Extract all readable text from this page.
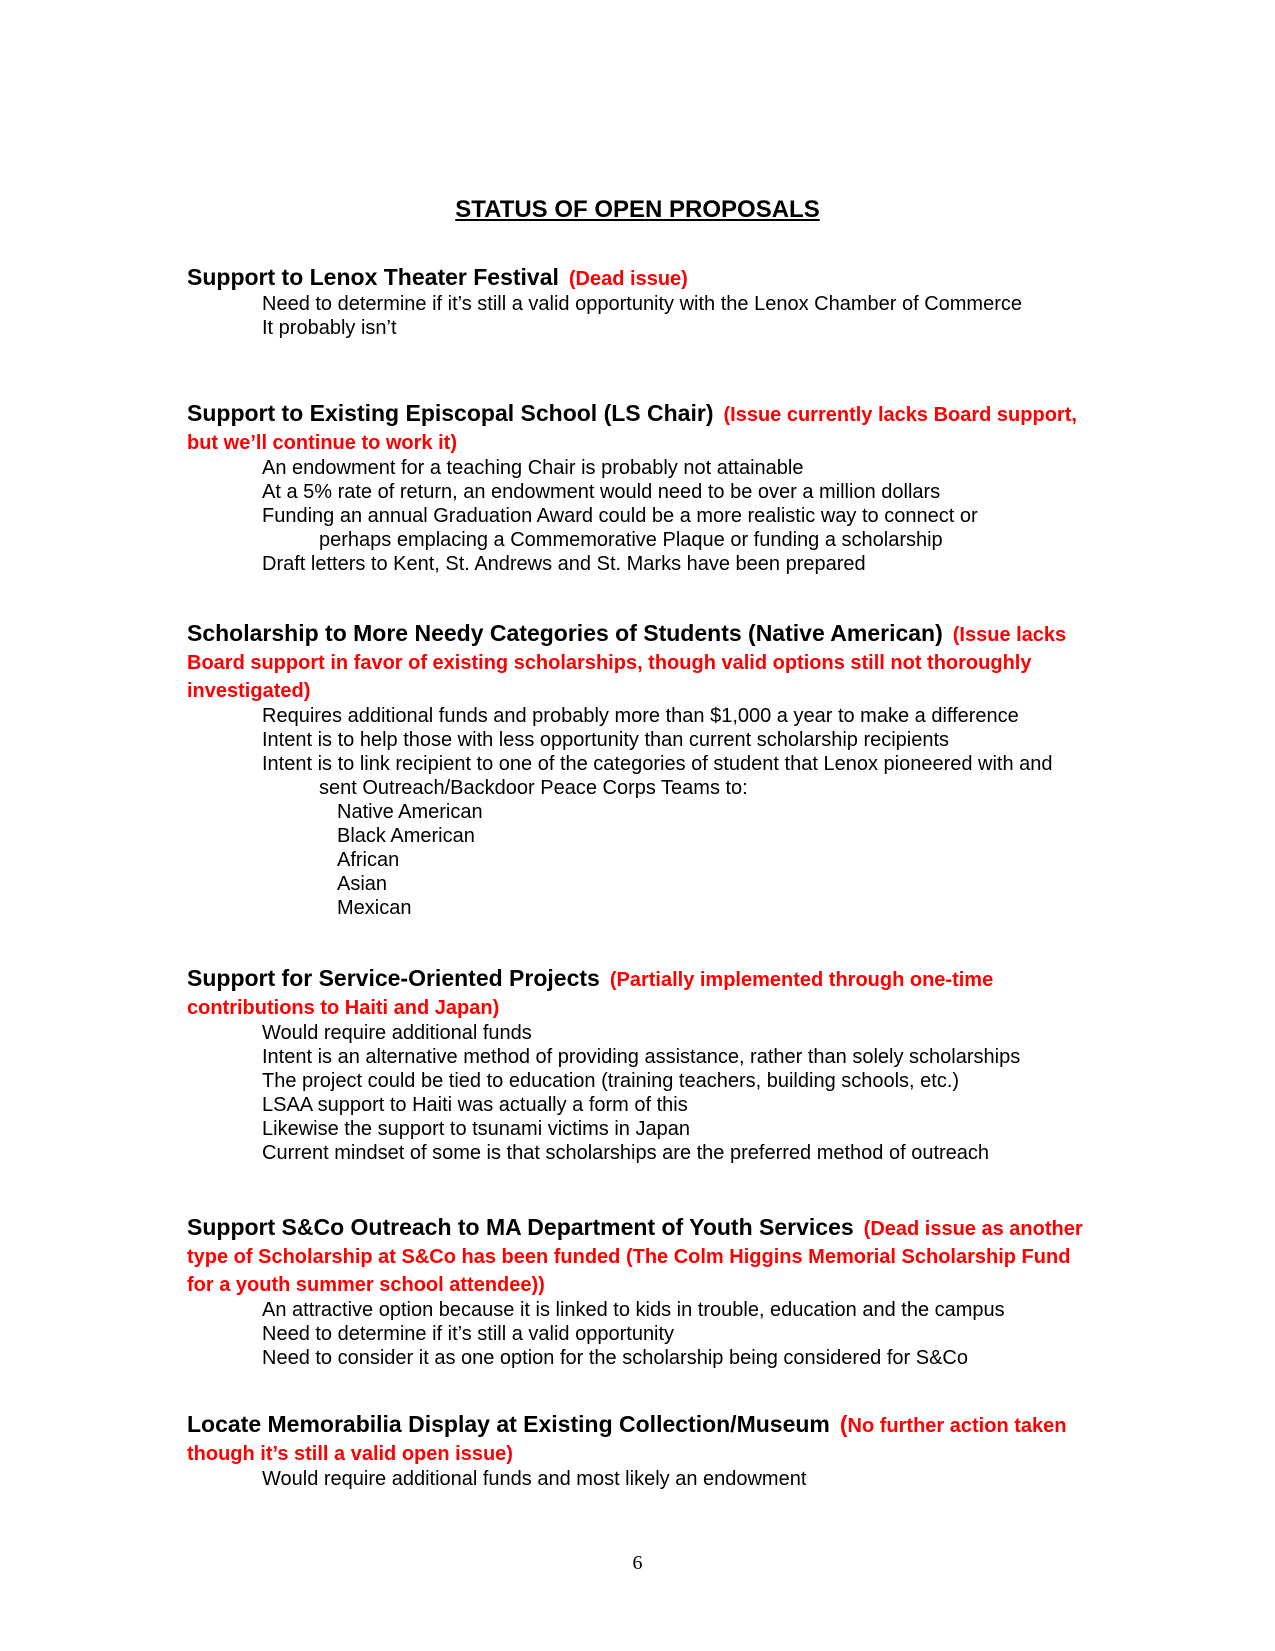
STATUS OF OPEN PROPOSALS

Support to Lenox Theater Festival (Dead issue)

Need to determine if it’s still a valid opportunity with the Lenox Chamber of Commerce
It probably isn’t

Support to Existing Episcopal School (LS Chair) (Issue currently lacks Board support, but we’ll continue to work it)

An endowment for a teaching Chair is probably not attainable
At a 5% rate of return, an endowment would need to be over a million dollars
Funding an annual Graduation Award could be a more realistic way to connect or
perhaps emplacing a Commemorative Plaque or funding a scholarship
Draft letters to Kent, St. Andrews and St. Marks have been prepared

Scholarship to More Needy Categories of Students (Native American) (Issue lacks Board support in favor of existing scholarships, though valid options still not thoroughly investigated)

Requires additional funds and probably more than $1,000 a year to make a difference
Intent is to help those with less opportunity than current scholarship recipients
Intent is to link recipient to one of the categories of student that Lenox pioneered with and
sent Outreach/Backdoor Peace Corps Teams to:
Native American
Black American
African
Asian
Mexican

Support for Service-Oriented Projects (Partially implemented through one-time contributions to Haiti and Japan)

Would require additional funds
Intent is an alternative method of providing assistance, rather than solely scholarships
The project could be tied to education (training teachers, building schools, etc.)
LSAA support to Haiti was actually a form of this
Likewise the support to tsunami victims in Japan
Current mindset of some is that scholarships are the preferred method of outreach

Support S&Co Outreach to MA Department of Youth Services (Dead issue as another type of Scholarship at S&Co has been funded (The Colm Higgins Memorial Scholarship Fund for a youth summer school attendee))

An attractive option because it is linked to kids in trouble, education and the campus
Need to determine if it’s still a valid opportunity
Need to consider it as one option for the scholarship being considered for S&Co

Locate Memorabilia Display at Existing Collection/Museum (No further action taken though it’s still a valid open issue)

Would require additional funds and most likely an endowment
6
